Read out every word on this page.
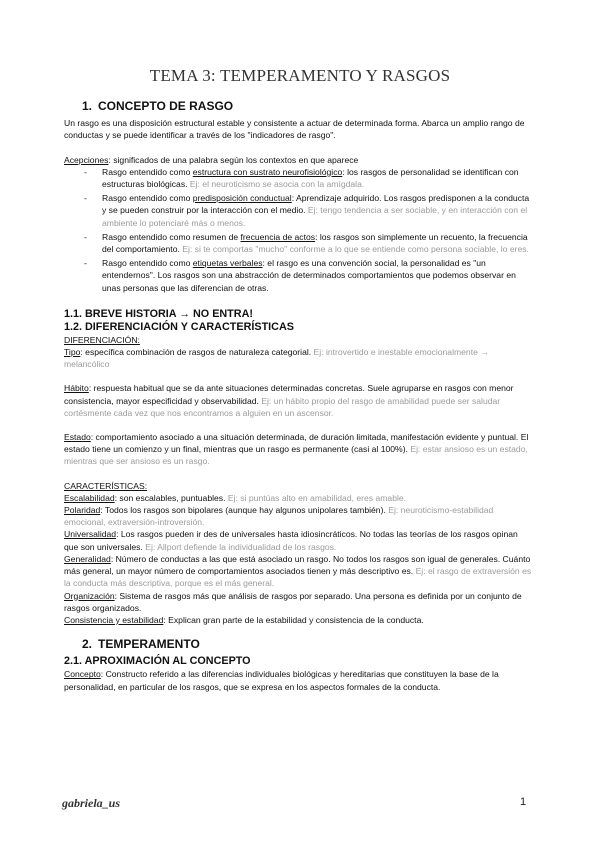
TEMA 3: TEMPERAMENTO Y RASGOS
1. CONCEPTO DE RASGO

Un rasgo es una disposición estructural estable y consistente a actuar de determinada forma. Abarca un amplio rango de conductas y se puede identificar a través de los "indicadores de rasgo".

Acepciones: significados de una palabra según los contextos en que aparece

- Rasgo entendido como estructura con sustrato neurofisiológico: los rasgos de personalidad se identifican con estructuras biológicas. Ej: el neuroticismo se asocia con la amígdala.
- Rasgo entendido como predisposición conductual: Aprendizaje adquirido. Los rasgos predisponen a la conducta y se pueden construir por la interacción con el medio. Ej: tengo tendencia a ser sociable, y en interacción con el ambiente lo potenciaré más o menos.
- Rasgo entendido como resumen de frecuencia de actos: los rasgos son simplemente un recuento, la frecuencia del comportamiento. Ej: si te comportas "mucho" conforme a lo que se entiende como persona sociable, lo eres.
- Rasgo entendido como etiquetas verbales: el rasgo es una convención social, la personalidad es "un entendernos". Los rasgos son una abstracción de determinados comportamientos que podemos observar en unas personas que las diferencian de otras.
1.1. BREVE HISTORIA → NO ENTRA!
1.2. DIFERENCIACIÓN Y CARACTERÍSTICAS

DIFERENCIACIÓN:

Tipo: específica combinación de rasgos de naturaleza categorial. Ej: introvertido e inestable emocionalmente → melancólico

Hábito: respuesta habitual que se da ante situaciones determinadas concretas. Suele agruparse en rasgos con menor consistencia, mayor especificidad y observabilidad. Ej: un hábito propio del rasgo de amabilidad puede ser saludar cortésmente cada vez que nos encontramos a alguien en un ascensor.

Estado: comportamiento asociado a una situación determinada, de duración limitada, manifestación evidente y puntual. El estado tiene un comienzo y un final, mientras que un rasgo es permanente (casi al 100%). Ej: estar ansioso es un estado, mientras que ser ansioso es un rasgo.

CARACTERÍSTICAS:

Escalabilidad: son escalables, puntuables. Ej: si puntúas alto en amabilidad, eres amable.

Polaridad: Todos los rasgos son bipolares (aunque hay algunos unipolares también). Ej: neuroticismo-estabilidad emocional, extraversión-introversión.

Universalidad: Los rasgos pueden ir des de universales hasta idiosincráticos. No todas las teorías de los rasgos opinan que son universales. Ej: Allport defiende la individualidad de los rasgos.

Generalidad: Número de conductas a las que está asociado un rasgo. No todos los rasgos son igual de generales. Cuánto más general, un mayor número de comportamientos asociados tienen y más descriptivo es. Ej: el rasgo de extraversión es la conducta más descriptiva, porque es el más general.

Organización: Sistema de rasgos más que análisis de rasgos por separado. Una persona es definida por un conjunto de rasgos organizados.

Consistencia y estabilidad: Explican gran parte de la estabilidad y consistencia de la conducta.

2. TEMPERAMENTO
2.1. APROXIMACIÓN AL CONCEPTO

Concepto: Constructo referido a las diferencias individuales biológicas y hereditarias que constituyen la base de la personalidad, en particular de los rasgos, que se expresa en los aspectos formales de la conducta.

gabriela_us	1
